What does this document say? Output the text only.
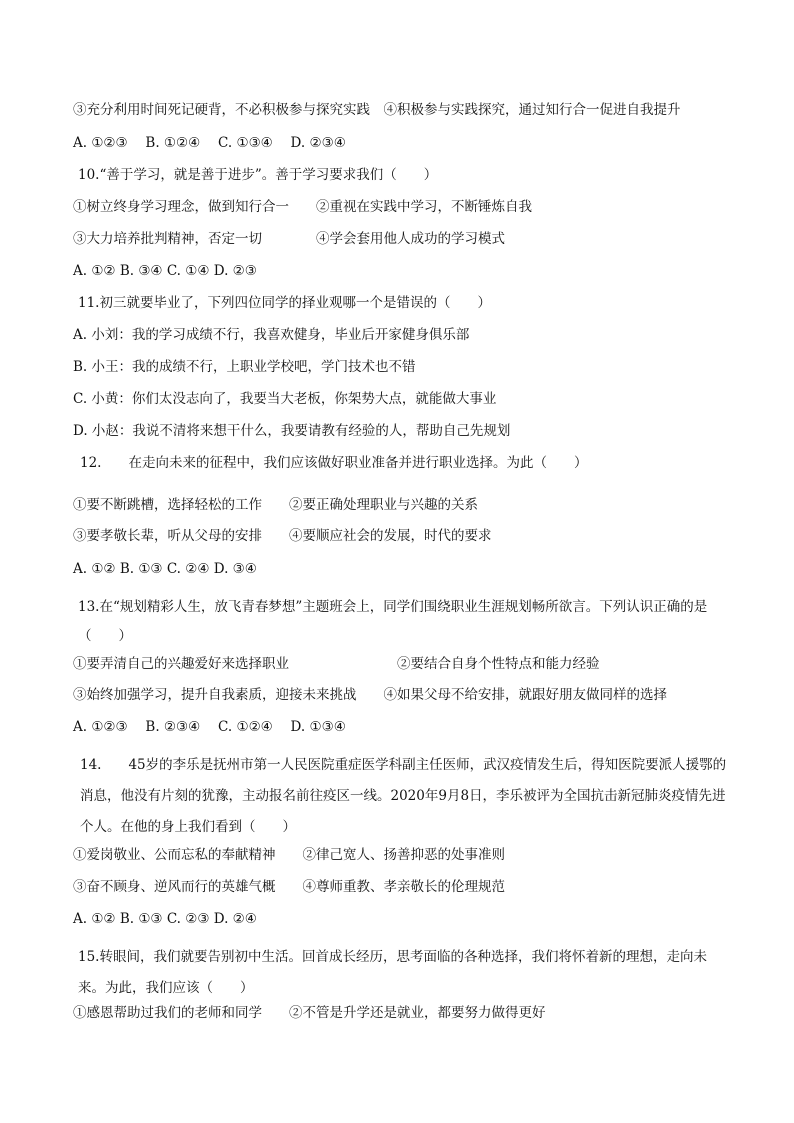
③充分利用时间死记硬背，不必积极参与探究实践　④积极参与实践探究，通过知行合一促进自我提升
A. ①②③　 B. ①②④　 C. ①③④　 D. ②③④
10.“善于学习，就是善于进步”。善于学习要求我们（　　）
①树立终身学习理念，做到知行合一　　②重视在实践中学习，不断锤炼自我
③大力培养批判精神，否定一切　　　　④学会套用他人成功的学习模式
A. ①② B. ③④ C. ①④ D. ②③
11.初三就要毕业了，下列四位同学的择业观哪一个是错误的（　　）
A. 小刘：我的学习成绩不行，我喜欢健身，毕业后开家健身俱乐部
B. 小王：我的成绩不行，上职业学校吧，学门技术也不错
C. 小黄：你们太没志向了，我要当大老板，你架势大点，就能做大事业
D. 小赵：我说不清将来想干什么，我要请教有经验的人，帮助自己先规划
12.　　在走向未来的征程中，我们应该做好职业准备并进行职业选择。为此（　　）
①要不断跳槽，选择轻松的工作　　②要正确处理职业与兴趣的关系
③要孝敬长辈，听从父母的安排　　④要顺应社会的发展，时代的要求
A. ①② B. ①③ C. ②④ D. ③④
13.在“规划精彩人生，放飞青春梦想”主题班会上，同学们围绕职业生涯规划畅所欲言。下列认识正确的是（　　）
①要弄清自己的兴趣爱好来选择职业　　　　　　　　②要结合自身个性特点和能力经验
③始终加强学习，提升自我素质，迎接未来挑战　　④如果父母不给安排，就跟好朋友做同样的选择
A. ①②③　 B. ②③④　 C. ①②④　 D. ①③④
14.　　45岁的李乐是抚州市第一人民医院重症医学科副主任医师，武汉疫情发生后，得知医院要派人援鄂的消息，他没有片刻的犹豫，主动报名前往疫区一线。2020年9月8日，李乐被评为全国抗击新冠肺炎疫情先进个人。在他的身上我们看到（　　）
①爱岗敬业、公而忘私的奉献精神　　②律己宽人、扬善抑恶的处事准则
③奋不顾身、逆风而行的英雄气概　　④尊师重教、孝亲敬长的伦理规范
A. ①② B. ①③ C. ②③ D. ②④
15.转眼间，我们就要告别初中生活。回首成长经历，思考面临的各种选择，我们将怀着新的理想，走向未来。为此，我们应该（　　）
①感恩帮助过我们的老师和同学　　②不管是升学还是就业，都要努力做得更好
